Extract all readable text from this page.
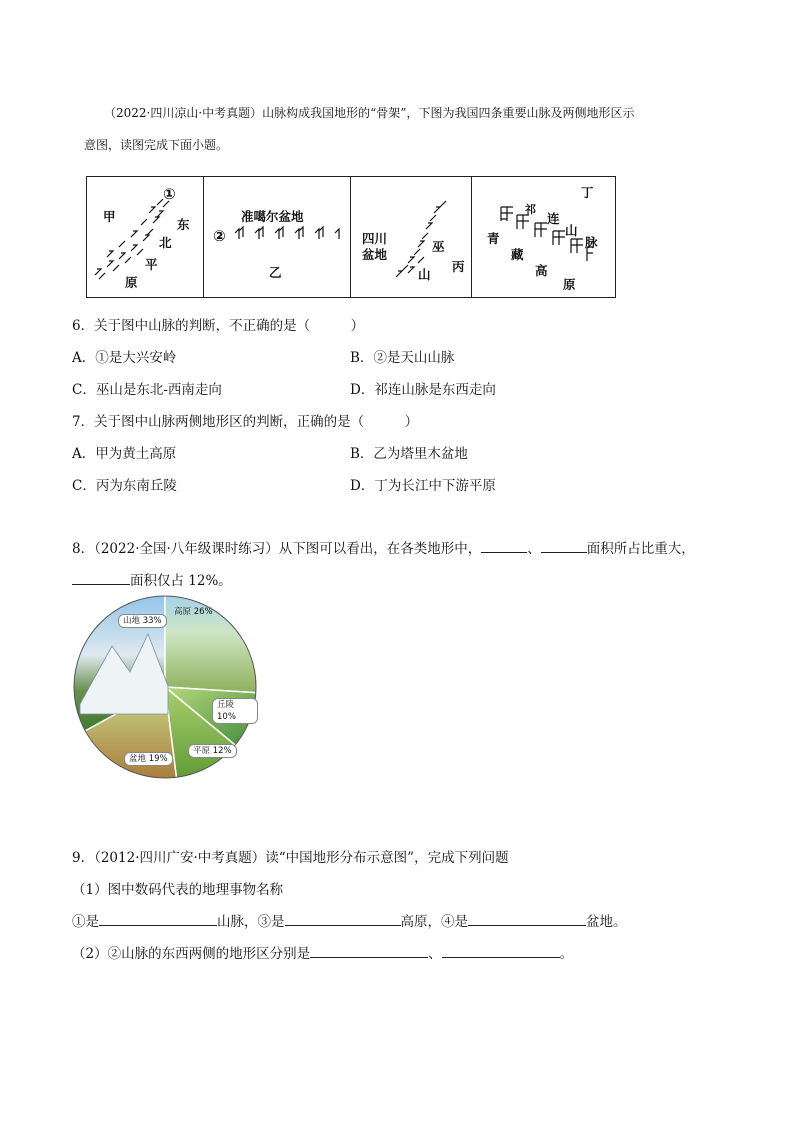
（2022·四川凉山·中考真题）山脉构成我国地形的“骨架”，下图为我国四条重要山脉及两侧地形区示
意图，读图完成下面小题。
甲
①
东
北
平
原
准噶尔盆地
②
乙
四川
盆地
巫
山
丙
丁
祁
连
山
脉
青
藏
高
原
6．关于图中山脉的判断，不正确的是（　　　）
A．①是大兴安岭	B．②是天山山脉
C．巫山是东北-西南走向	D．祁连山脉是东西走向
7．关于图中山脉两侧地形区的判断，正确的是（　　　）
A．甲为黄土高原	B．乙为塔里木盆地
C．丙为东南丘陵	D．丁为长江中下游平原
8．（2022·全国·八年级课时练习）从下图可以看出，在各类地形中，	、	面积所占比重大，
面积仅占 12%。
山地 33%
高原 26%
丘陵 10%
平原 12%
盆地 19%
9．（2012·四川广安·中考真题）读“中国地形分布示意图”，完成下列问题
（1）图中数码代表的地理事物名称
①是	山脉，③是	高原，④是	盆地。
（2）②山脉的东西两侧的地形区分别是	、	。
